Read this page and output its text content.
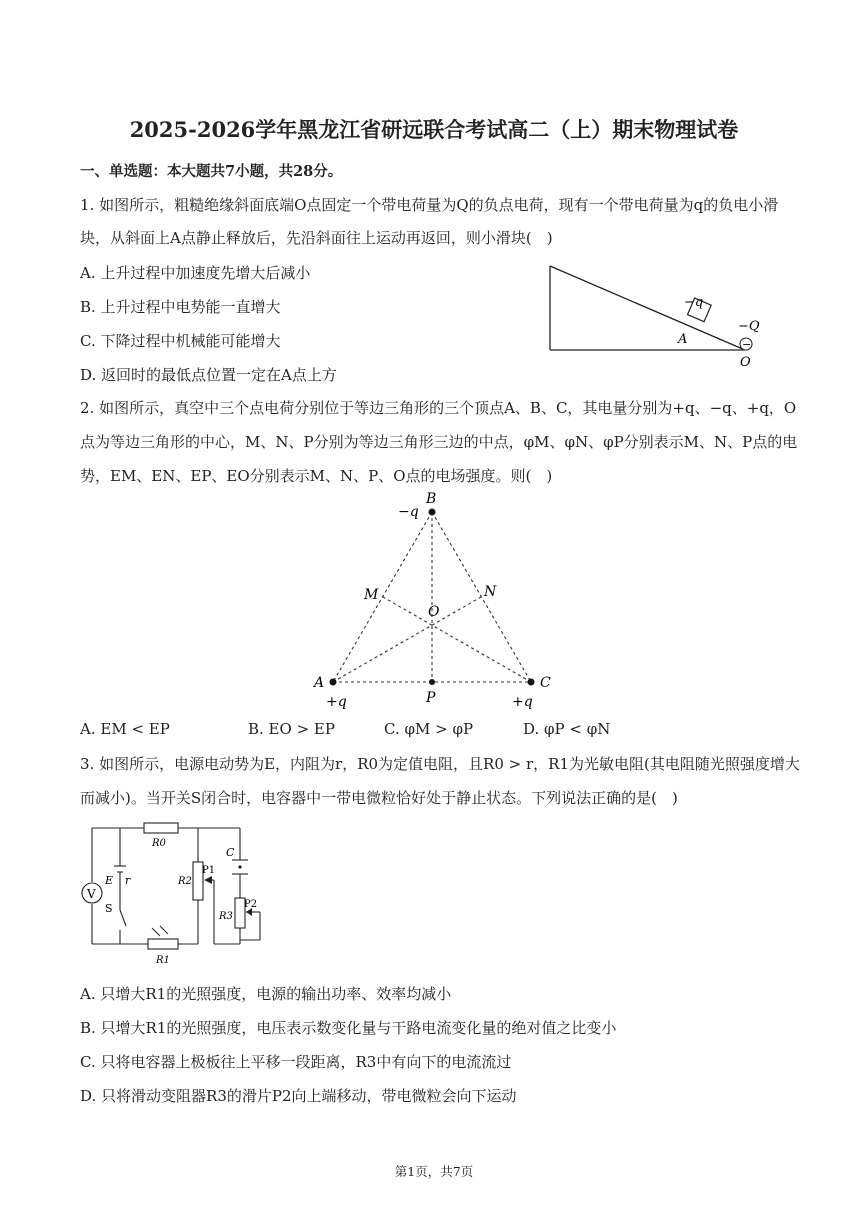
2025-2026学年黑龙江省研远联合考试高二（上）期末物理试卷
一、单选题：本大题共7小题，共28分。
1. 如图所示，粗糙绝缘斜面底端O点固定一个带电荷量为Q的负点电荷，现有一个带电荷量为q的负电小滑
块，从斜面上A点静止释放后，先沿斜面往上运动再返回，则小滑块(　)
A. 上升过程中加速度先增大后减小
B. 上升过程中电势能一直增大
C. 下降过程中机械能可能增大
D. 返回时的最低点位置一定在A点上方
−q
A
−Q
−
O
2. 如图所示，真空中三个点电荷分别位于等边三角形的三个顶点A、B、C，其电量分别为+q、−q、+q，O
点为等边三角形的中心，M、N、P分别为等边三角形三边的中点，φM、φN、φP分别表示M、N、P点的电
势，EM、EN、EP、EO分别表示M、N、P、O点的电场强度。则(　)
B
−q
M	N
O
A
+q	P
C
+q
A. EM < EP	B. EO > EP	C. φM > φP	D. φP < φN
3. 如图所示，电源电动势为E，内阻为r，R0为定值电阻，且R0 > r，R1为光敏电阻(其电阻随光照强度增大
而减小)。当开关S闭合时，电容器中一带电微粒恰好处于静止状态。下列说法正确的是(　)
V
R0
E r
S
R1
R2
P1
C
R3
P2
A. 只增大R1的光照强度，电源的输出功率、效率均减小
B. 只增大R1的光照强度，电压表示数变化量与干路电流变化量的绝对值之比变小
C. 只将电容器上极板往上平移一段距离，R3中有向下的电流流过
D. 只将滑动变阻器R3的滑片P2向上端移动，带电微粒会向下运动
第1页，共7页
